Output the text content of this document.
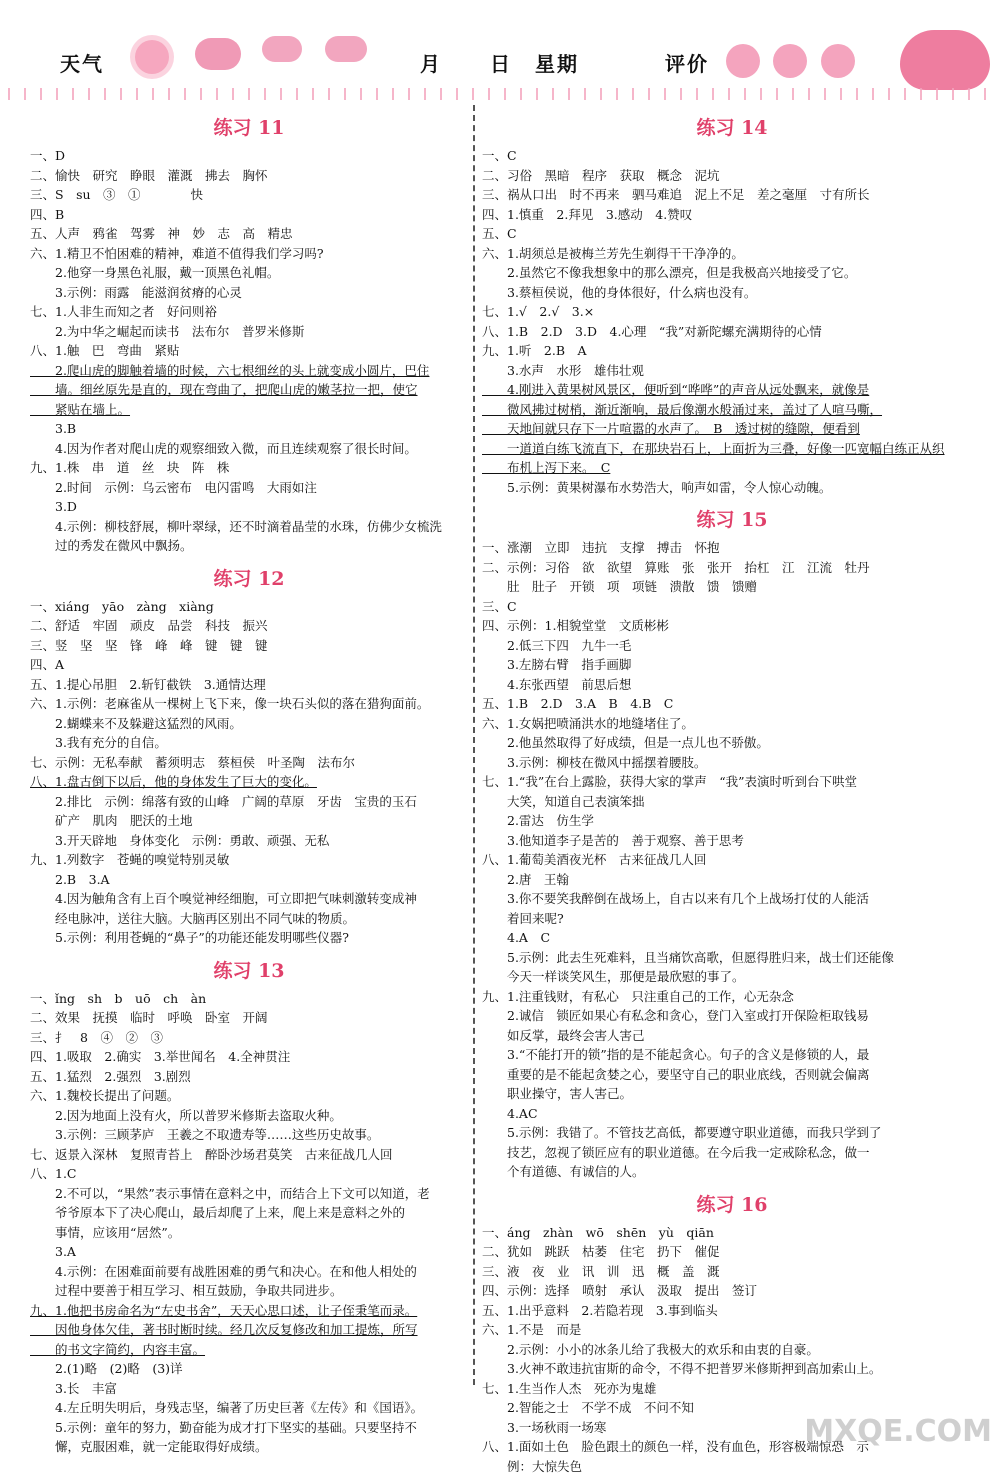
天气	月 日 星期	评价
练习 11
一、D
二、愉快　研究　睁眼　灌溉　拂去　胸怀
三、S　su　③　①　　　　快
四、B
五、人声　鸦雀　驾雾　神　妙　志　高　精忠
六、1.精卫不怕困难的精神，难道不值得我们学习吗?
　　2.他穿一身黑色礼服，戴一顶黑色礼帽。
　　3.示例：雨露　能滋润贫瘠的心灵
七、1.人非生而知之者　好问则裕
　　2.为中华之崛起而读书　法布尔　普罗米修斯
八、1.触　巴　弯曲　紧贴
　　2.爬山虎的脚触着墙的时候，六七根细丝的头上就变成小圆片，巴住
　　墙。细丝原先是直的，现在弯曲了，把爬山虎的嫩茎拉一把，使它
　　紧贴在墙上。
　　3.B
　　4.因为作者对爬山虎的观察细致入微，而且连续观察了很长时间。
九、1.株　串　道　丝　块　阵　株
　　2.时间　示例：乌云密布　电闪雷鸣　大雨如注
　　3.D
　　4.示例：柳枝舒展，柳叶翠绿，还不时滴着晶莹的水珠，仿佛少女梳洗
　　过的秀发在微风中飘扬。
练习 12
一、xiáng　yāo　zàng　xiàng
二、舒适　牢固　顽皮　品尝　科技　振兴
三、竖　坚　坚　锋　峰　峰　键　键　键
四、A
五、1.提心吊胆　2.斩钉截铁　3.通情达理
六、1.示例：老麻雀从一棵树上飞下来，像一块石头似的落在猎狗面前。
　　2.蝴蝶来不及躲避这猛烈的风雨。
　　3.我有充分的自信。
七、示例：无私奉献　蓄须明志　蔡桓侯　叶圣陶　法布尔
八、1.盘古倒下以后，他的身体发生了巨大的变化。
　　2.排比　示例：绵落有致的山峰　广阔的草原　牙齿　宝贵的玉石
　　矿产　肌肉　肥沃的土地
　　3.开天辟地　身体变化　示例：勇敢、顽强、无私
九、1.列数字　苍蝇的嗅觉特别灵敏
　　2.B　3.A
　　4.因为触角含有上百个嗅觉神经细胞，可立即把气味刺激转变成神
　　经电脉冲，送往大脑。大脑再区别出不同气味的物质。
　　5.示例：利用苍蝇的“鼻子”的功能还能发明哪些仪器?
练习 13
一、ǐng　sh　b　uō　ch　àn
二、效果　抚摸　临时　呼唤　卧室　开阔
三、扌　8　④　②　③
四、1.吸取　2.确实　3.举世闻名　4.全神贯注
五、1.猛烈　2.强烈　3.剧烈
六、1.魏校长提出了问题。
　　2.因为地面上没有火，所以普罗米修斯去盗取火种。
　　3.示例：三顾茅庐　王羲之不取遗寿等……这些历史故事。
七、返景入深林　复照青苔上　醉卧沙场君莫笑　古来征战几人回
八、1.C
　　2.不可以，“果然”表示事情在意料之中，而结合上下文可以知道，老
　　爷爷原本下了决心爬山，最后却爬了上来，爬上来是意料之外的
　　事情，应该用“居然”。
　　3.A
　　4.示例：在困难面前要有战胜困难的勇气和决心。在和他人相处的
　　过程中要善于相互学习、相互鼓励，争取共同进步。
九、1.他把书房命名为“左史书舍”，天天心思口述，让子侄秉笔而录。
　　因他身体欠佳，著书时断时续。经几次反复修改和加工提炼，所写
　　的书文字简约，内容丰富。
　　2.(1)略　(2)略　(3)详
　　3.长　丰富
　　4.左丘明失明后，身残志坚，编著了历史巨著《左传》和《国语》。
　　5.示例：童年的努力，勤奋能为成才打下坚实的基础。只要坚持不
　　懈，克服困难，就一定能取得好成绩。
练习 14
一、C
二、习俗　黑暗　程序　获取　概念　泥坑
三、祸从口出　时不再来　驷马难追　泥上不足　差之毫厘　寸有所长
四、1.慎重　2.拜见　3.感动　4.赞叹
五、C
六、1.胡须总是被梅兰芳先生剃得干干净净的。
　　2.虽然它不像我想象中的那么漂亮，但是我极高兴地接受了它。
　　3.蔡桓侯说，他的身体很好，什么病也没有。
七、1.√　2.√　3.×
八、1.B　2.D　3.D　4.心理　“我”对新陀螺充满期待的心情
九、1.听　2.B　A
　　3.水声　水形　雄伟壮观
　　4.刚进入黄果树风景区，便听到“哗哗”的声音从远处飘来，就像是
　　微风拂过树梢，渐近渐响，最后像潮水般涌过来，盖过了人喧马嘶，
　　天地间就只存下一片喧嚣的水声了。　B　透过树的缝隙，便看到
　　一道道白练飞流直下，在那块岩石上，上面折为三叠，好像一匹宽幅白练正从织
　　布机上泻下来。　C
　　5.示例：黄果树瀑布水势浩大，响声如雷，令人惊心动魄。
练习 15
一、涨潮　立即　违抗　支撑　搏击　怀抱
二、示例：习俗　欲　欲望　算账　张　张开　抬杠　江　江流　牡丹
　　肚　肚子　开锁　项　项链　溃散　馈　馈赠
三、C
四、示例：1.相貌堂堂　文质彬彬
　　2.低三下四　九牛一毛
　　3.左膀右臂　指手画脚
　　4.东张西望　前思后想
五、1.B　2.D　3.A　B　4.B　C
六、1.女娲把喷涌洪水的地缝堵住了。
　　2.他虽然取得了好成绩，但是一点儿也不骄傲。
　　3.示例：柳枝在微风中摇摆着腰肢。
七、1.“我”在台上露脸，获得大家的掌声　“我”表演时听到台下哄堂
　　大笑，知道自己表演笨拙
　　2.雷达　仿生学
　　3.他知道李子是苦的　善于观察、善于思考
八、1.葡萄美酒夜光杯　古来征战几人回
　　2.唐　王翰
　　3.你不要笑我醉倒在战场上，自古以来有几个上战场打仗的人能活
　　着回来呢?
　　4.A　C
　　5.示例：此去生死难料，且当痛饮高歌，但愿得胜归来，战士们还能像
　　今天一样谈笑风生，那便是最欣慰的事了。
九、1.注重钱财，有私心　只注重自己的工作，心无杂念
　　2.诚信　锁匠如果心有私念和贪心，登门入室或打开保险柜取钱易
　　如反掌，最终会害人害己
　　3.“不能打开的锁”指的是不能起贪心。句子的含义是修锁的人，最
　　重要的是不能起贪婪之心，要坚守自己的职业底线，否则就会偏离
　　职业操守，害人害己。
　　4.AC
　　5.示例：我错了。不管技艺高低，都要遵守职业道德，而我只学到了
　　技艺，忽视了锁匠应有的职业道德。在今后我一定戒除私念，做一
　　个有道德、有诚信的人。
练习 16
一、áng　zhàn　wō　shēn　yù　qiān
二、犹如　跳跃　枯萎　住宅　扔下　催促
三、液　夜　业　讯　训　迅　概　盖　溉
四、示例：选择　喷射　承认　汲取　提出　签订
五、1.出乎意料　2.若隐若现　3.事到临头
六、1.不是　而是
　　2.示例：小小的冰条儿给了我极大的欢乐和由衷的自豪。
　　3.火神不敢违抗宙斯的命令，不得不把普罗米修斯押到高加索山上。
七、1.生当作人杰　死亦为鬼雄
　　2.智能之士　不学不成　不问不知
　　3.一场秋雨一场寒
八、1.面如土色　脸色跟土的颜色一样，没有血色，形容极端惊恐　示
　　例：大惊失色
MXQE.COM
